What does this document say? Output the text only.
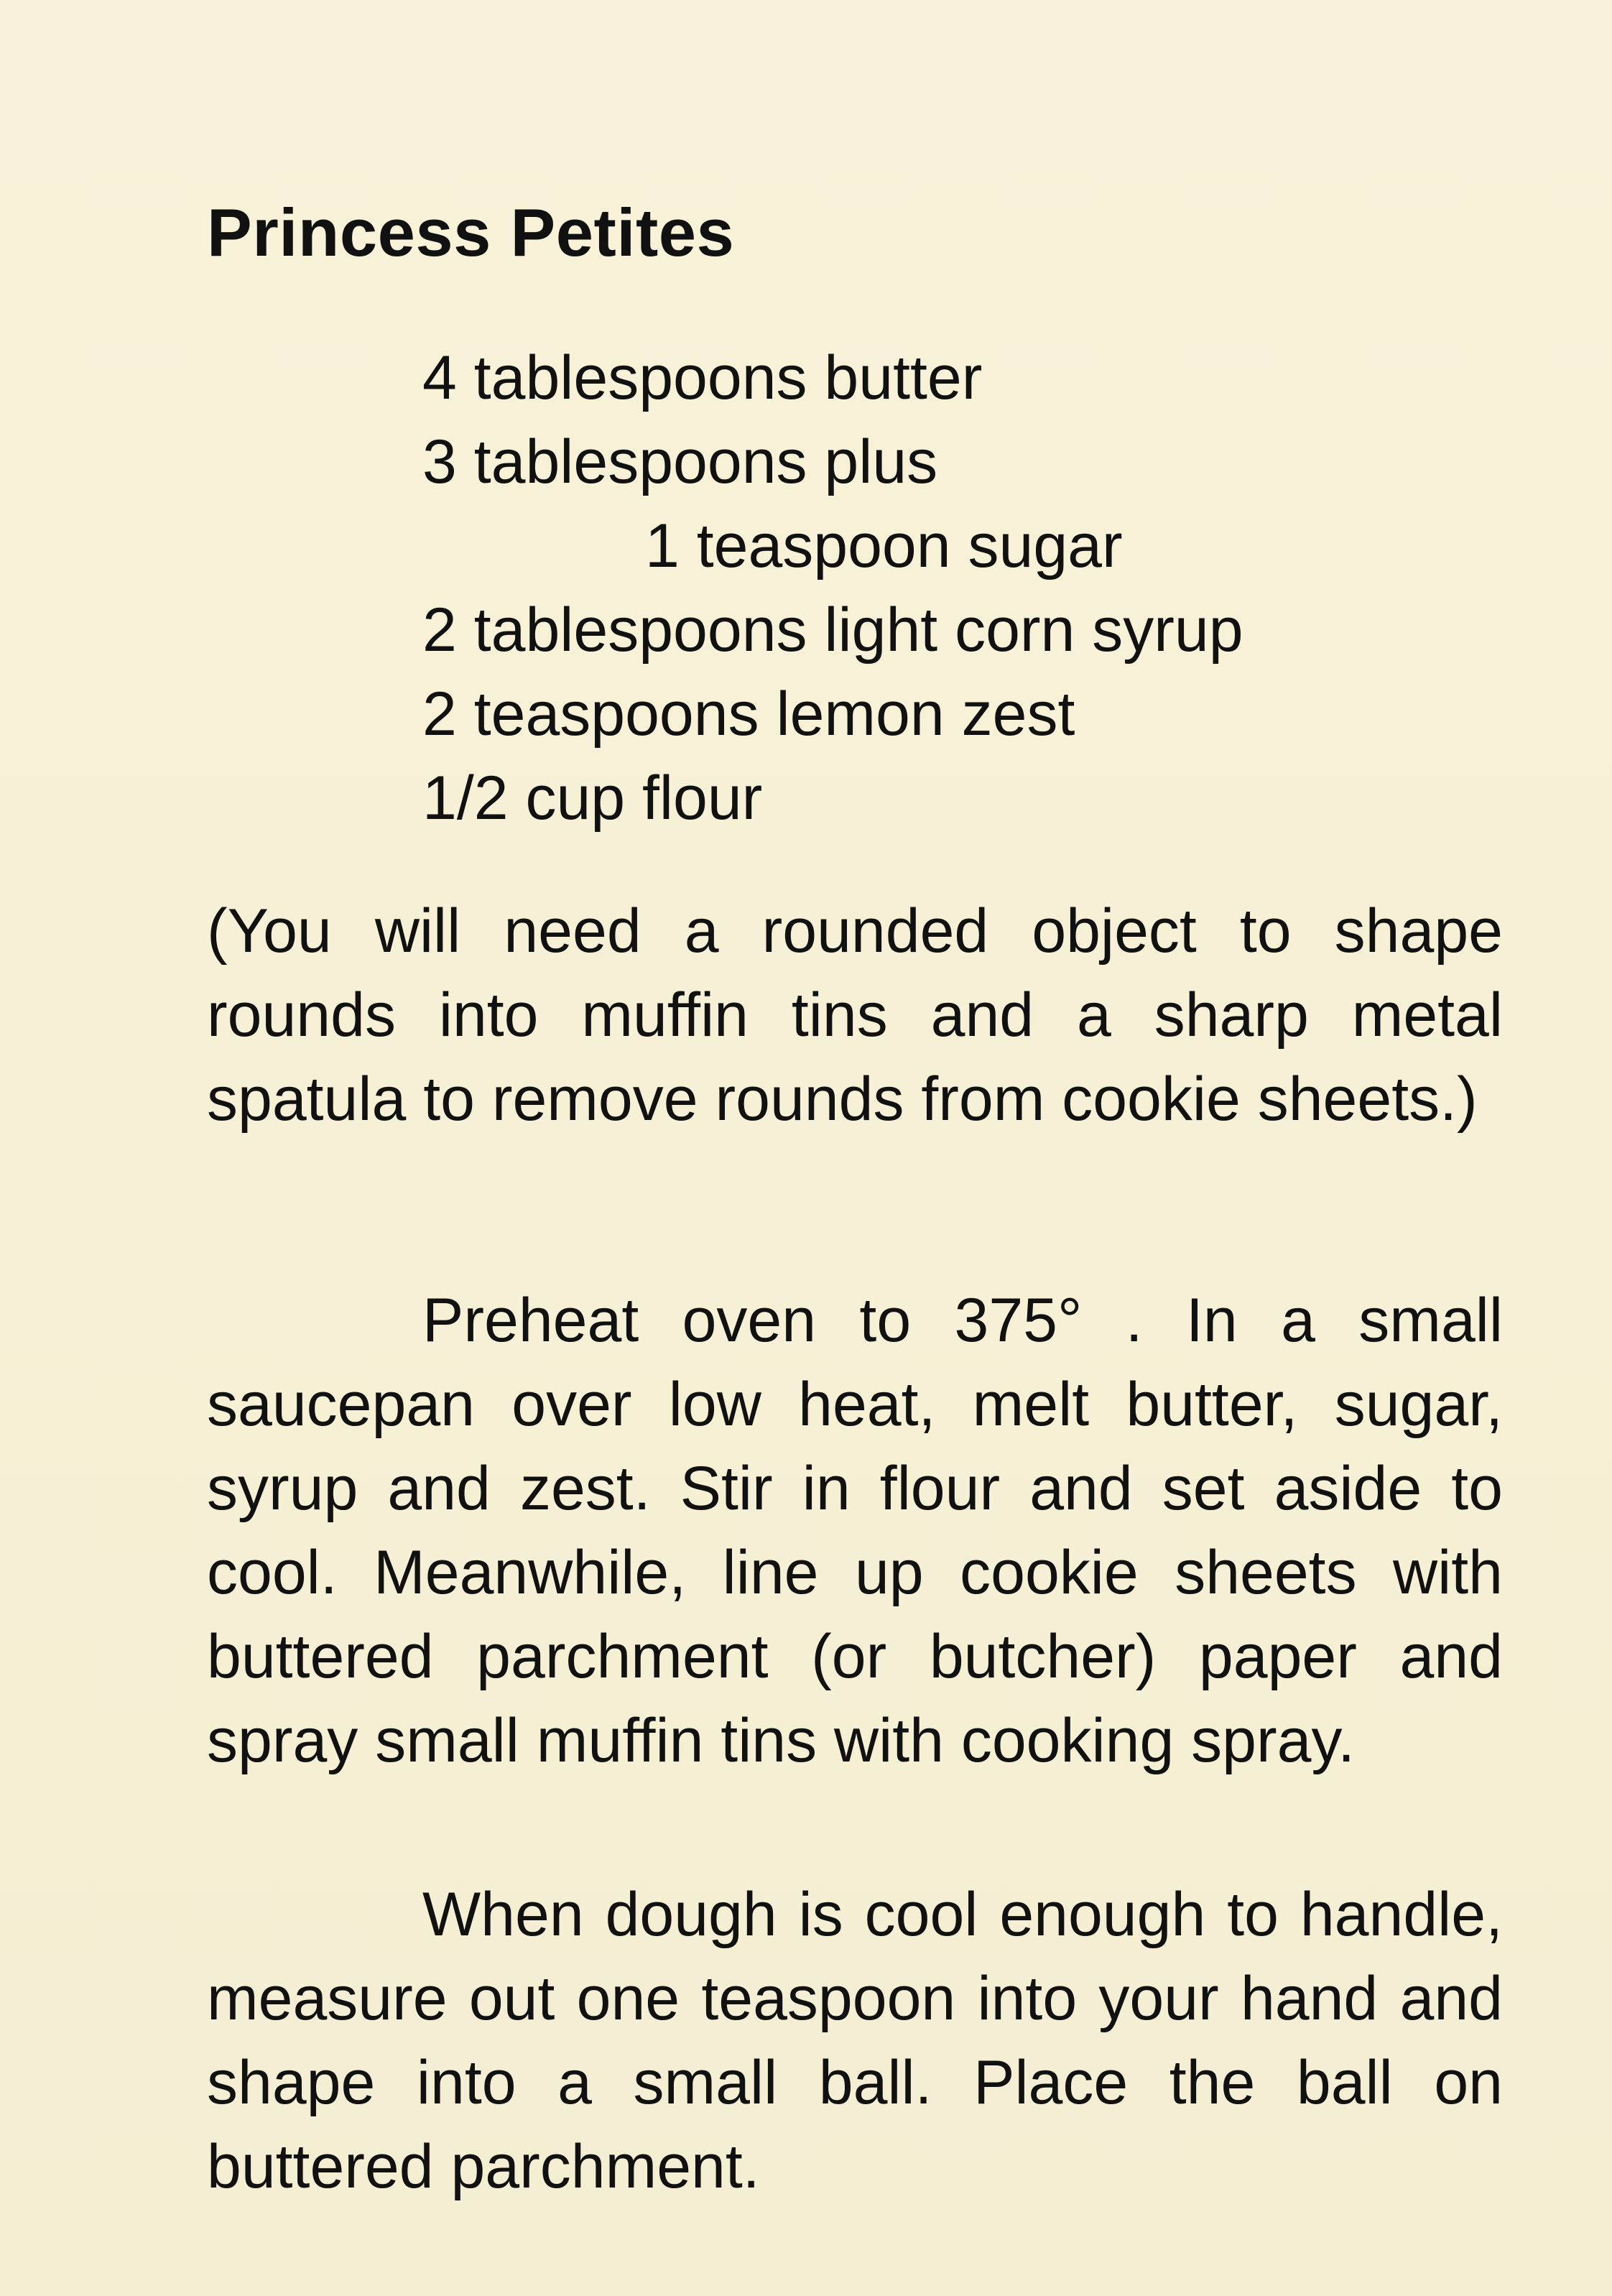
Princess Petites
4 tablespoons butter
3 tablespoons plus
1 teaspoon sugar
2 tablespoons light corn syrup
2 teaspoons lemon zest
1/2 cup flour

(You will need a rounded object to shape rounds into muffin tins and a sharp metal spatula to remove rounds from cookie sheets.)

Preheat oven to 375° . In a small saucepan over low heat, melt butter, sugar, syrup and zest. Stir in flour and set aside to cool. Meanwhile, line up cookie sheets with buttered parchment (or butcher) paper and spray small muffin tins with cooking spray.

When dough is cool enough to handle, measure out one teaspoon into your hand and shape into a small ball. Place the ball on buttered parchment.
